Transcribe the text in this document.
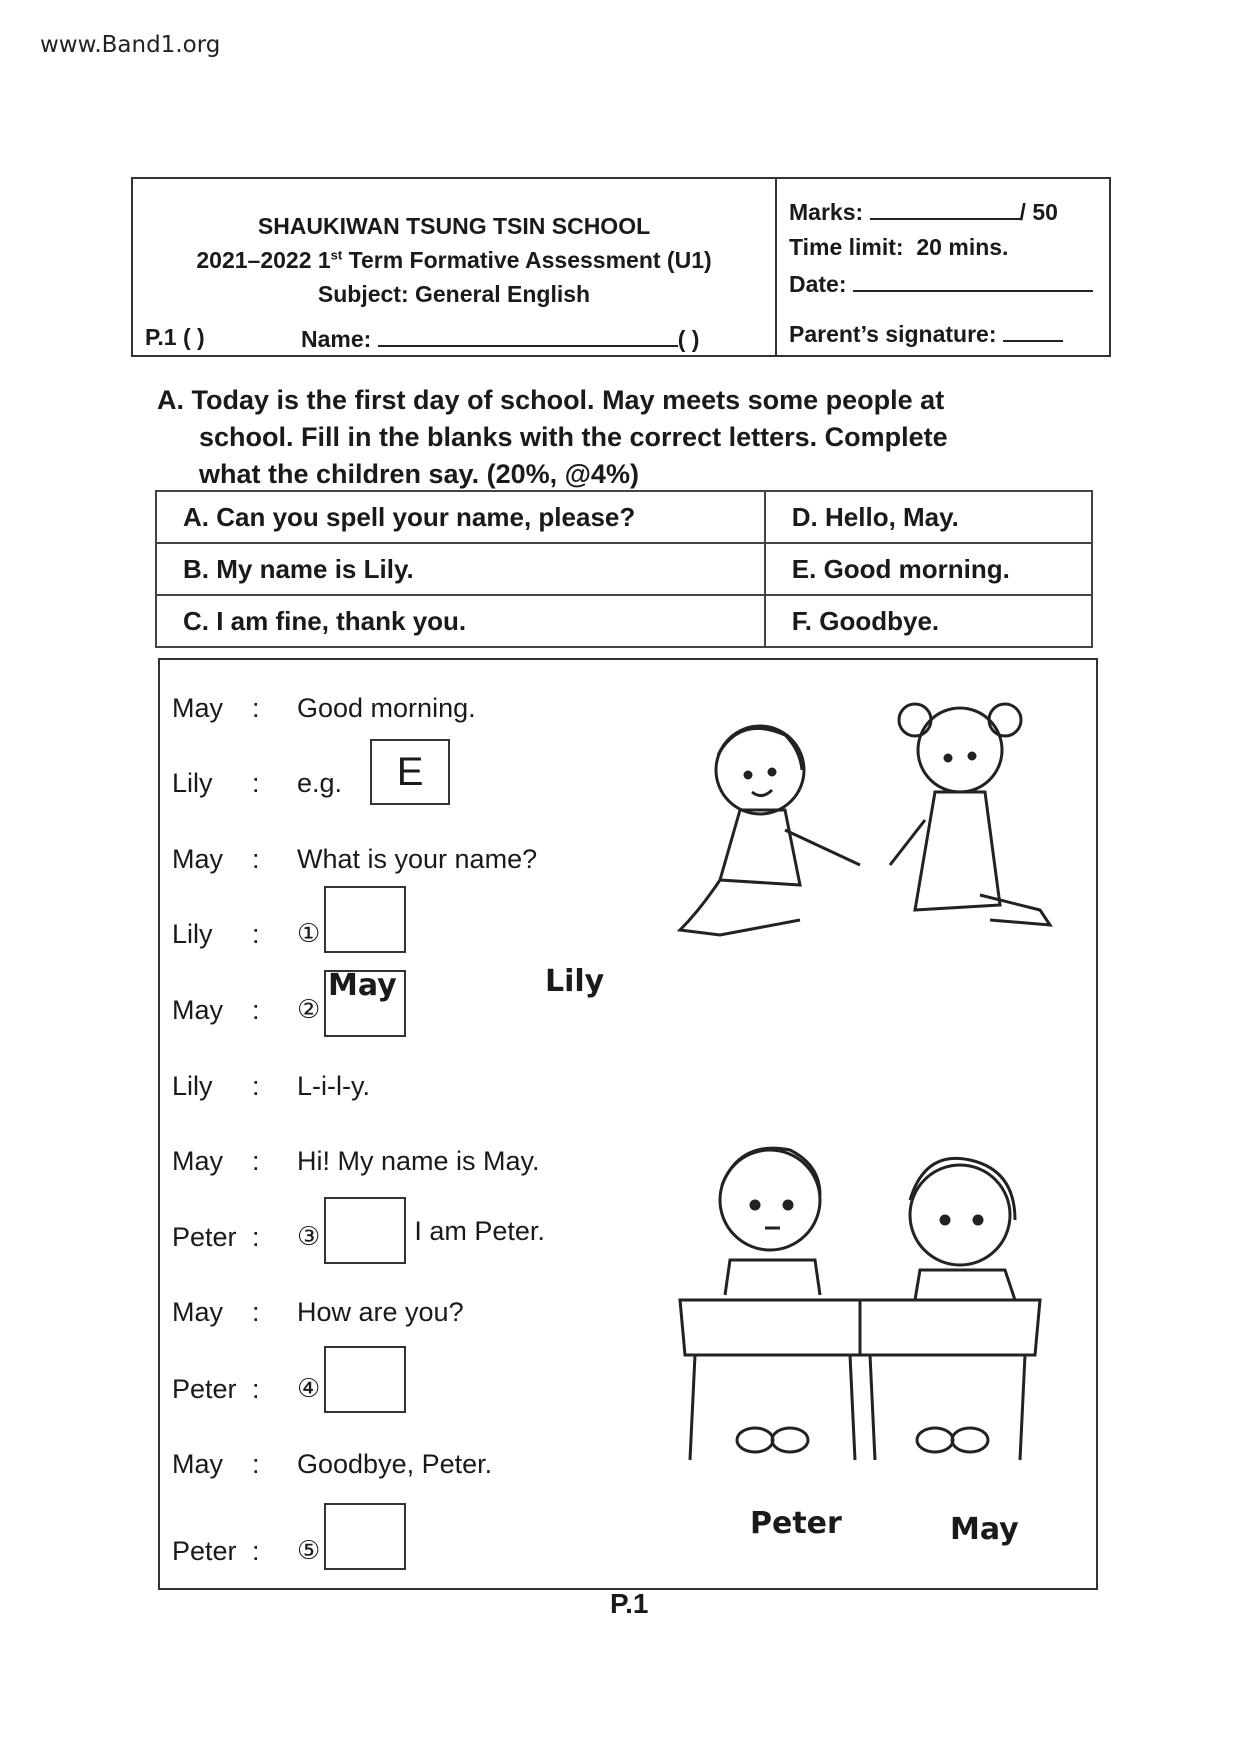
www.Band1.org
SHAUKIWAN TSUNG TSIN SCHOOL
2021–2022 1st Term Formative Assessment (U1)
Subject: General English
P.1 ( )	Name:	( )
Marks:	/ 50
Time limit: 20 mins.
Date:
Parent’s signature:
A. Today is the first day of school. May meets some people at
school. Fill in the blanks with the correct letters. Complete
what the children say. (20%, @4%)
A. Can you spell your name, please?	D. Hello, May.
B. My name is Lily.	E. Good morning.
C. I am fine, thank you.	F. Goodbye.
May	:	Good morning.
Lily	:	e.g.	E
May	:	What is your name?
Lily	:	①
May	:	②
Lily	:	L-i-l-y.
May	:	Hi! My name is May.
Peter :	③	I am Peter.
May	:	How are you?
Peter :	④
May	:	Goodbye, Peter.
Peter :	⑤
May	Lily
Peter	May
P.1
